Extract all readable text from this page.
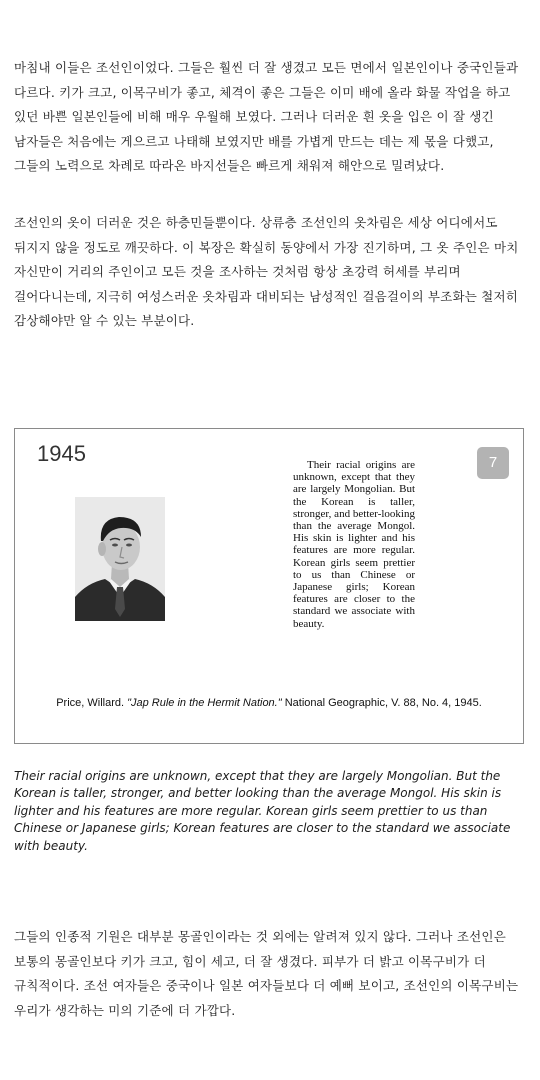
마침내 이들은 조선인이었다. 그들은 훨씬 더 잘 생겼고 모든 면에서 일본인이나 중국인들과 다르다. 키가 크고, 이목구비가 좋고, 체격이 좋은 그들은 이미 배에 올라 화물 작업을 하고 있던 바쁜 일본인들에 비해 매우 우월해 보였다. 그러나 더러운 흰 옷을 입은 이 잘 생긴 남자들은 처음에는 게으르고 나태해 보였지만 배를 가볍게 만드는 데는 제 몫을 다했고, 그들의 노력으로 차례로 따라온 바지선들은 빠르게 채워져 해안으로 밀려났다.

조선인의 옷이 더러운 것은 하층민들뿐이다. 상류층 조선인의 옷차림은 세상 어디에서도 뒤지지 않을 정도로 깨끗하다. 이 복장은 확실히 동양에서 가장 진기하며, 그 옷 주인은 마치 자신만이 거리의 주인이고 모든 것을 조사하는 것처럼 항상 초강력 허세를 부리며 걸어다니는데, 지극히 여성스러운 옷차림과 대비되는 남성적인 걸음걸이의 부조화는 철저히 감상해야만 알 수 있는 부분이다.

1945	7

Their racial origins are unknown, except that they are largely Mongolian. But the Korean is taller, stronger, and better-looking than the average Mongol. His skin is lighter and his features are more regular. Korean girls seem prettier to us than Chinese or Japanese girls; Korean features are closer to the standard we associate with beauty.

Price, Willard. "Jap Rule in the Hermit Nation." National Geographic, V. 88, No. 4, 1945.

Their racial origins are unknown, except that they are largely Mongolian. But the Korean is taller, stronger, and better looking than the average Mongol. His skin is lighter and his features are more regular. Korean girls seem prettier to us than Chinese or Japanese girls; Korean features are closer to the standard we associate with beauty.

그들의 인종적 기원은 대부분 몽골인이라는 것 외에는 알려져 있지 않다. 그러나 조선인은 보통의 몽골인보다 키가 크고, 힘이 세고, 더 잘 생겼다. 피부가 더 밝고 이목구비가 더 규칙적이다. 조선 여자들은 중국이나 일본 여자들보다 더 예뻐 보이고, 조선인의 이목구비는 우리가 생각하는 미의 기준에 더 가깝다.
